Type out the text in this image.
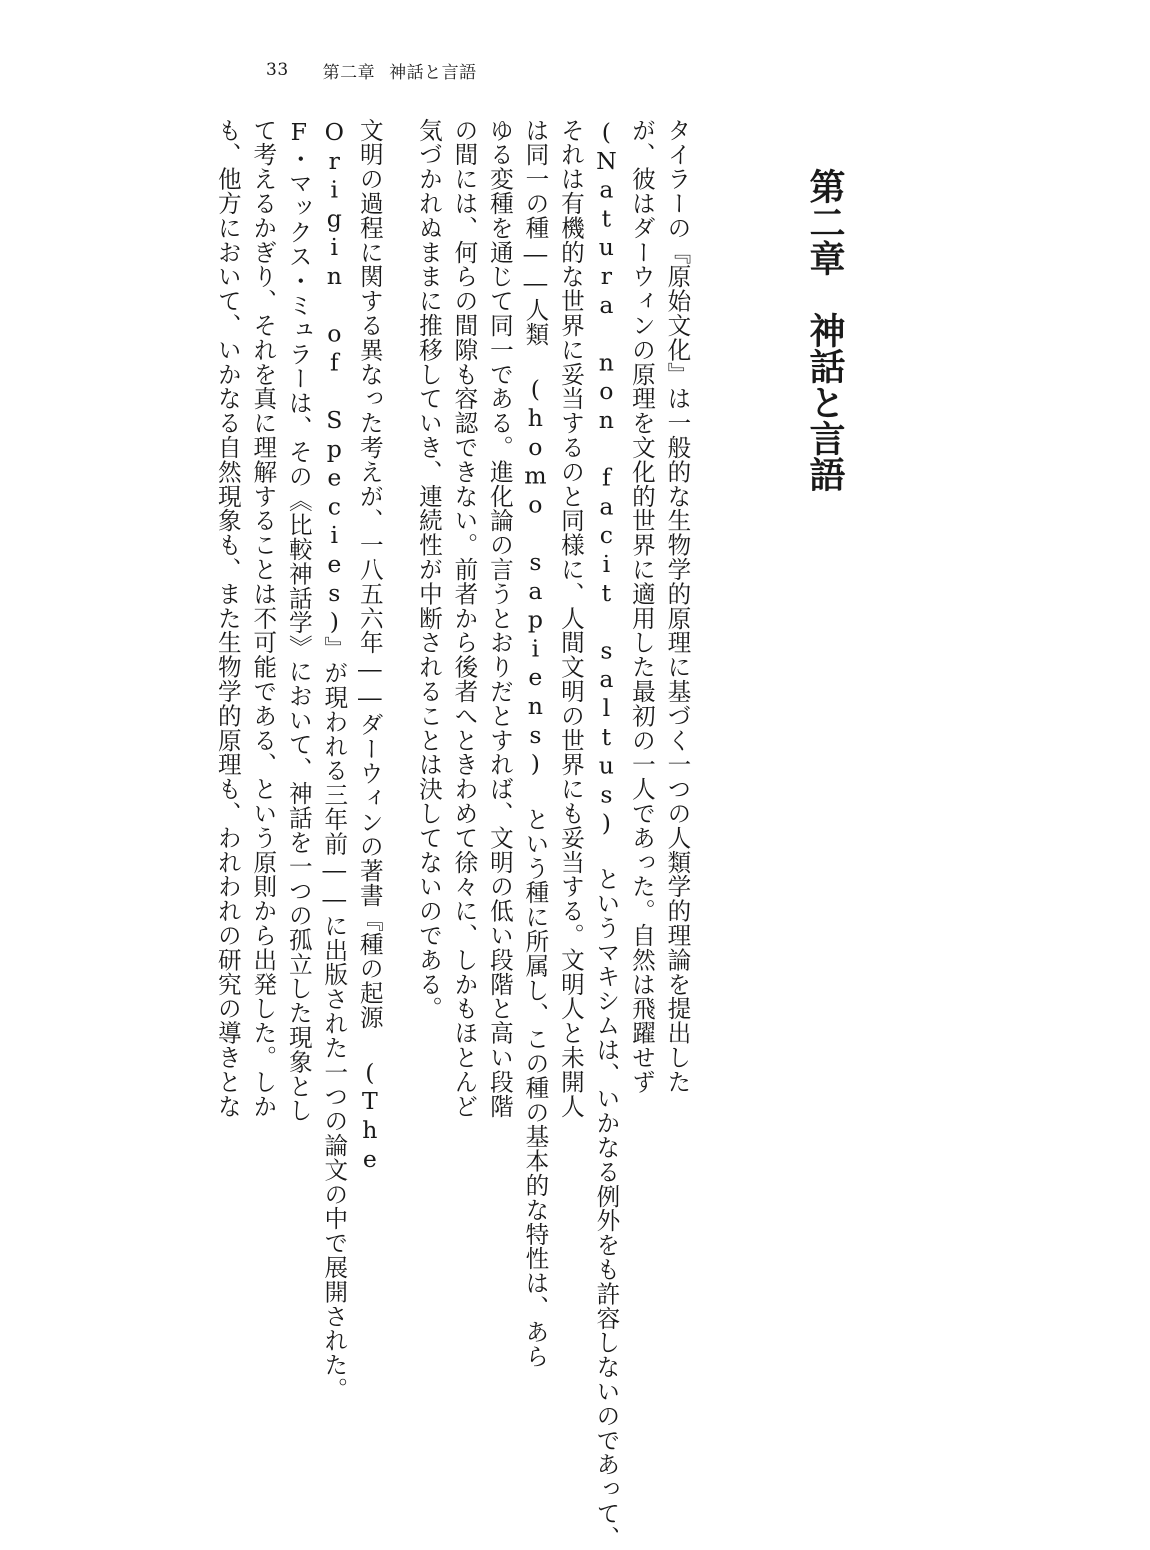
33 第二章 神話と言語
第二章神話と言語
タイラーの『原始文化』は一般的な生物学的原理に基づく一つの人類学的理論を提出した
が、彼はダーウィンの原理を文化的世界に適用した最初の一人であった。自然は飛躍せず
(Natura non facit saltus) というマキシムは、いかなる例外をも許容しないのであって、
それは有機的な世界に妥当するのと同様に、人間文明の世界にも妥当する。文明人と未開人
は同一の種――人類 (homo sapiens) という種に所属し、この種の基本的な特性は、あら
ゆる変種を通じて同一である。進化論の言うとおりだとすれば、文明の低い段階と高い段階
の間には、何らの間隙も容認できない。前者から後者へときわめて徐々に、しかもほとんど
気づかれぬままに推移していき、連続性が中断されることは決してないのである。
文明の過程に関する異なった考えが、一八五六年――ダーウィンの著書『種の起源 (The
Origin of Species)』が現われる三年前――に出版された一つの論文の中で展開された。
F・マックス・ミュラーは、その《比較神話学》において、神話を一つの孤立した現象とし
て考えるかぎり、それを真に理解することは不可能である、という原則から出発した。しか
も、他方において、いかなる自然現象も、また生物学的原理も、われわれの研究の導きとな
